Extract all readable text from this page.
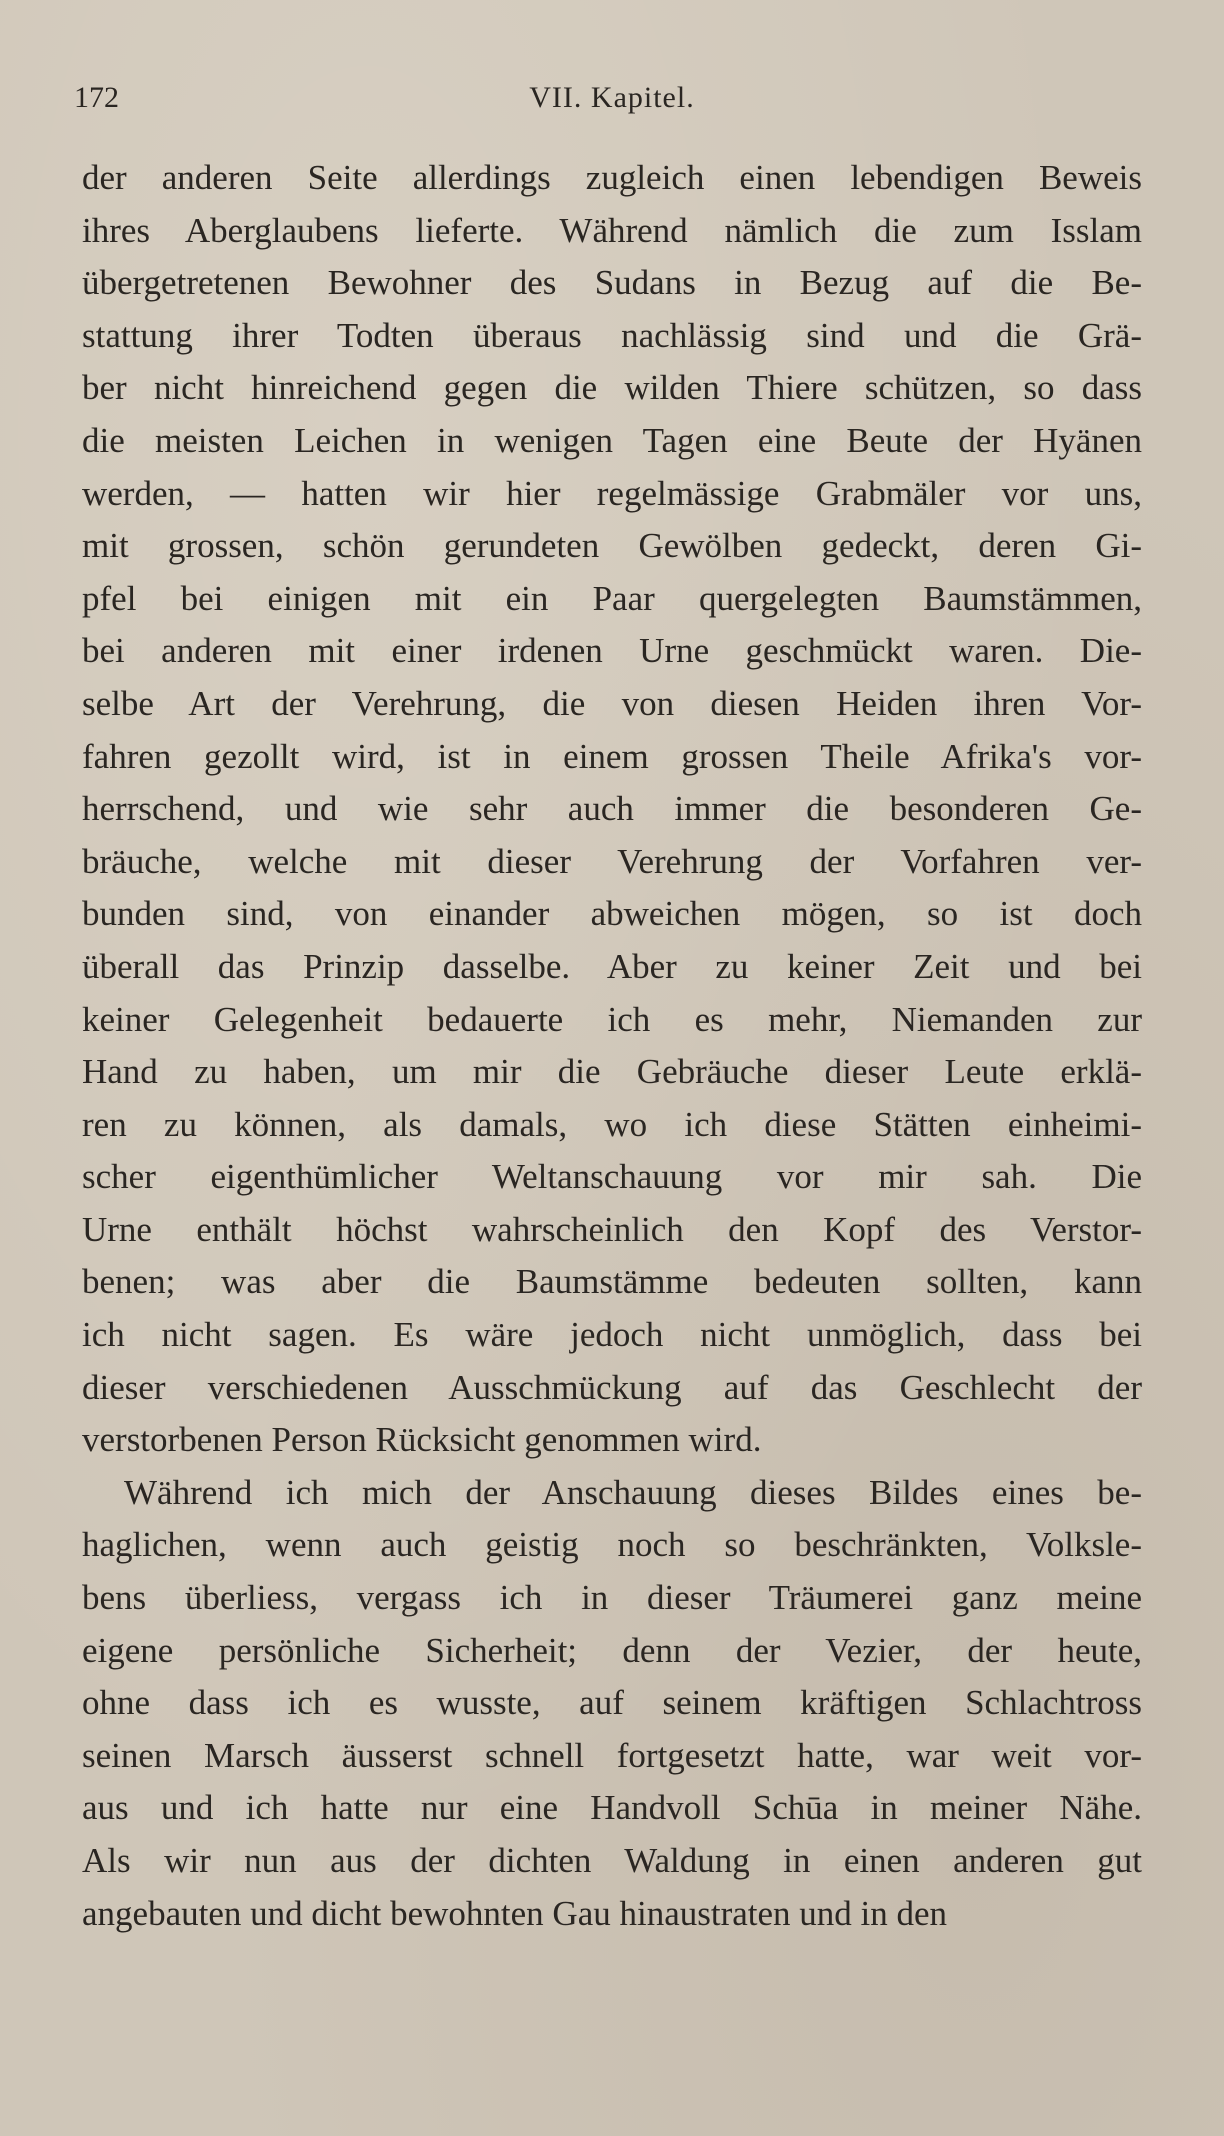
172	VII. Kapitel.
der anderen Seite allerdings zugleich einen lebendigen Beweis
ihres Aberglaubens lieferte. Während nämlich die zum Isslam
übergetretenen Bewohner des Sudans in Bezug auf die Be-
stattung ihrer Todten überaus nachlässig sind und die Grä-
ber nicht hinreichend gegen die wilden Thiere schützen, so dass
die meisten Leichen in wenigen Tagen eine Beute der Hyänen
werden, — hatten wir hier regelmässige Grabmäler vor uns,
mit grossen, schön gerundeten Gewölben gedeckt, deren Gi-
pfel bei einigen mit ein Paar quergelegten Baumstämmen,
bei anderen mit einer irdenen Urne geschmückt waren. Die-
selbe Art der Verehrung, die von diesen Heiden ihren Vor-
fahren gezollt wird, ist in einem grossen Theile Afrika's vor-
herrschend, und wie sehr auch immer die besonderen Ge-
bräuche, welche mit dieser Verehrung der Vorfahren ver-
bunden sind, von einander abweichen mögen, so ist doch
überall das Prinzip dasselbe. Aber zu keiner Zeit und bei
keiner Gelegenheit bedauerte ich es mehr, Niemanden zur
Hand zu haben, um mir die Gebräuche dieser Leute erklä-
ren zu können, als damals, wo ich diese Stätten einheimi-
scher eigenthümlicher Weltanschauung vor mir sah. Die
Urne enthält höchst wahrscheinlich den Kopf des Verstor-
benen; was aber die Baumstämme bedeuten sollten, kann
ich nicht sagen. Es wäre jedoch nicht unmöglich, dass bei
dieser verschiedenen Ausschmückung auf das Geschlecht der
verstorbenen Person Rücksicht genommen wird.
Während ich mich der Anschauung dieses Bildes eines be-
haglichen, wenn auch geistig noch so beschränkten, Volksle-
bens überliess, vergass ich in dieser Träumerei ganz meine
eigene persönliche Sicherheit; denn der Vezier, der heute,
ohne dass ich es wusste, auf seinem kräftigen Schlachtross
seinen Marsch äusserst schnell fortgesetzt hatte, war weit vor-
aus und ich hatte nur eine Handvoll Schūa in meiner Nähe.
Als wir nun aus der dichten Waldung in einen anderen gut
angebauten und dicht bewohnten Gau hinaustraten und in den
